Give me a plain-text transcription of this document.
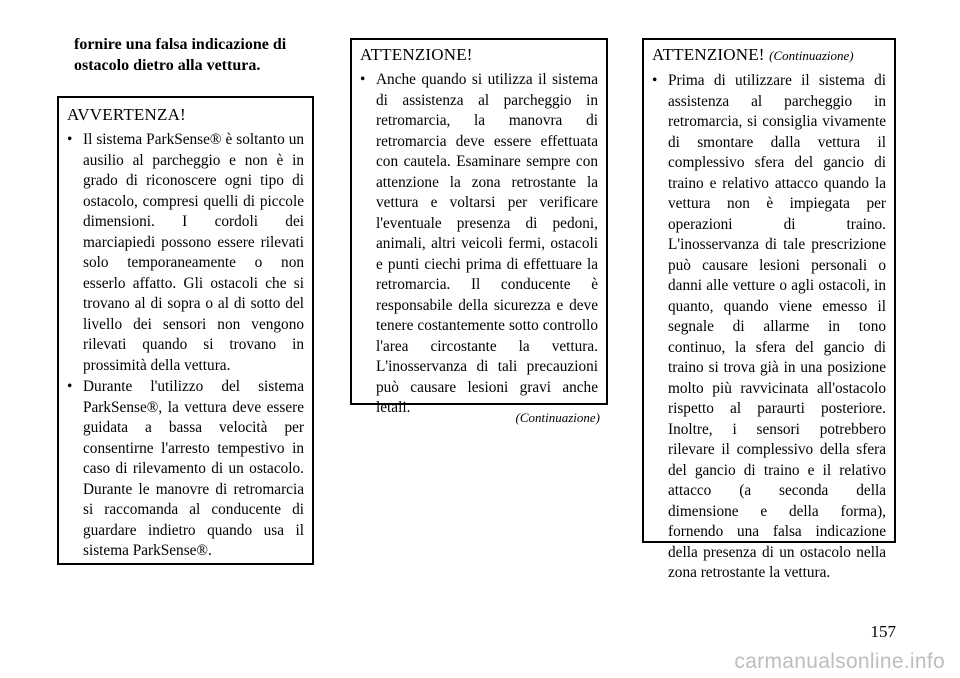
fornire una falsa indicazione di ostacolo dietro alla vettura.
AVVERTENZA!
• Il sistema ParkSense® è soltanto un ausilio al parcheggio e non è in grado di riconoscere ogni tipo di ostacolo, compresi quelli di piccole dimensioni. I cordoli dei marciapiedi possono essere rilevati solo temporaneamente o non esserlo affatto. Gli ostacoli che si trovano al di sopra o al di sotto del livello dei sensori non vengono rilevati quando si trovano in prossimità della vettura.
• Durante l'utilizzo del sistema ParkSense®, la vettura deve essere guidata a bassa velocità per consentirne l'arresto tempestivo in caso di rilevamento di un ostacolo. Durante le manovre di retromarcia si raccomanda al conducente di guardare indietro quando usa il sistema ParkSense®.
ATTENZIONE!
• Anche quando si utilizza il sistema di assistenza al parcheggio in retromarcia, la manovra di retromarcia deve essere effettuata con cautela. Esaminare sempre con attenzione la zona retrostante la vettura e voltarsi per verificare l'eventuale presenza di pedoni, animali, altri veicoli fermi, ostacoli e punti ciechi prima di effettuare la retromarcia. Il conducente è responsabile della sicurezza e deve tenere costantemente sotto controllo l'area circostante la vettura. L'inosservanza di tali precauzioni può causare lesioni gravi anche letali.
(Continuazione)
ATTENZIONE! (Continuazione)
• Prima di utilizzare il sistema di assistenza al parcheggio in retromarcia, si consiglia vivamente di smontare dalla vettura il complessivo sfera del gancio di traino e relativo attacco quando la vettura non è impiegata per operazioni di traino. L'inosservanza di tale prescrizione può causare lesioni personali o danni alle vetture o agli ostacoli, in quanto, quando viene emesso il segnale di allarme in tono continuo, la sfera del gancio di traino si trova già in una posizione molto più ravvicinata all'ostacolo rispetto al paraurti posteriore. Inoltre, i sensori potrebbero rilevare il complessivo della sfera del gancio di traino e il relativo attacco (a seconda della dimensione e della forma), fornendo una falsa indicazione della presenza di un ostacolo nella zona retrostante la vettura.
157
carmanualsonline.info
